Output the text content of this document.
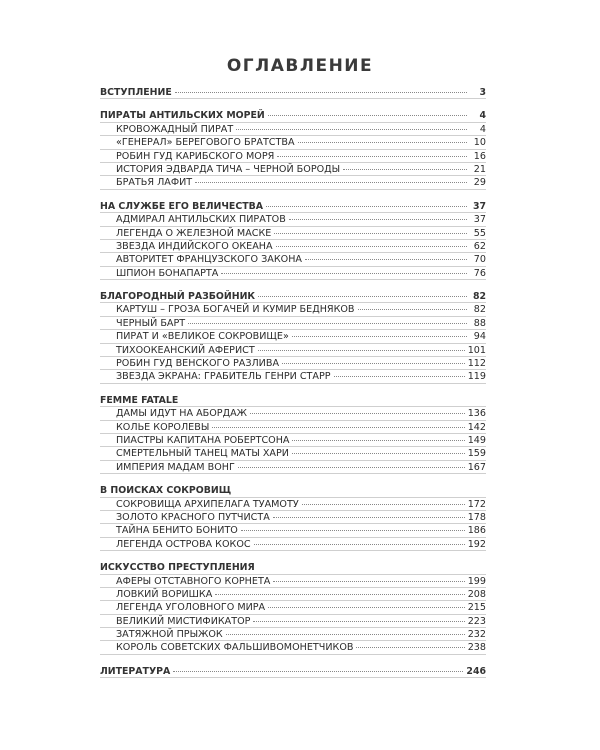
ОГЛАВЛЕНИЕ
ВСТУПЛЕНИЕ	3
ПИРАТЫ АНТИЛЬСКИХ МОРЕЙ	4
КРОВОЖАДНЫЙ ПИРАТ	4
«ГЕНЕРАЛ» БЕРЕГОВОГО БРАТСТВА	10
РОБИН ГУД КАРИБСКОГО МОРЯ	16
ИСТОРИЯ ЭДВАРДА ТИЧА – ЧЕРНОЙ БОРОДЫ	21
БРАТЬЯ ЛАФИТ	29
НА СЛУЖБЕ ЕГО ВЕЛИЧЕСТВА	37
АДМИРАЛ АНТИЛЬСКИХ ПИРАТОВ	37
ЛЕГЕНДА О ЖЕЛЕЗНОЙ МАСКЕ	55
ЗВЕЗДА ИНДИЙСКОГО ОКЕАНА	62
АВТОРИТЕТ ФРАНЦУЗСКОГО ЗАКОНА	70
ШПИОН БОНАПАРТА	76
БЛАГОРОДНЫЙ РАЗБОЙНИК	82
КАРТУШ – ГРОЗА БОГАЧЕЙ И КУМИР БЕДНЯКОВ	82
ЧЕРНЫЙ БАРТ	88
ПИРАТ И «ВЕЛИКОЕ СОКРОВИЩЕ»	94
ТИХООКЕАНСКИЙ АФЕРИСТ	101
РОБИН ГУД ВЕНСКОГО РАЗЛИВА	112
ЗВЕЗДА ЭКРАНА: ГРАБИТЕЛЬ ГЕНРИ СТАРР	119
FEMME FATALE
ДАМЫ ИДУТ НА АБОРДАЖ	136
КОЛЬЕ КОРОЛЕВЫ	142
ПИАСТРЫ КАПИТАНА РОБЕРТСОНА	149
СМЕРТЕЛЬНЫЙ ТАНЕЦ МАТЫ ХАРИ	159
ИМПЕРИЯ МАДАМ ВОНГ	167
В ПОИСКАХ СОКРОВИЩ
СОКРОВИЩА АРХИПЕЛАГА ТУАМОТУ	172
ЗОЛОТО КРАСНОГО ПУТЧИСТА	178
ТАЙНА БЕНИТО БОНИТО	186
ЛЕГЕНДА ОСТРОВА КОКОС	192
ИСКУССТВО ПРЕСТУПЛЕНИЯ
АФЕРЫ ОТСТАВНОГО КОРНЕТА	199
ЛОВКИЙ ВОРИШКА	208
ЛЕГЕНДА УГОЛОВНОГО МИРА	215
ВЕЛИКИЙ МИСТИФИКАТОР	223
ЗАТЯЖНОЙ ПРЫЖОК	232
КОРОЛЬ СОВЕТСКИХ ФАЛЬШИВОМОНЕТЧИКОВ	238
ЛИТЕРАТУРА	246
